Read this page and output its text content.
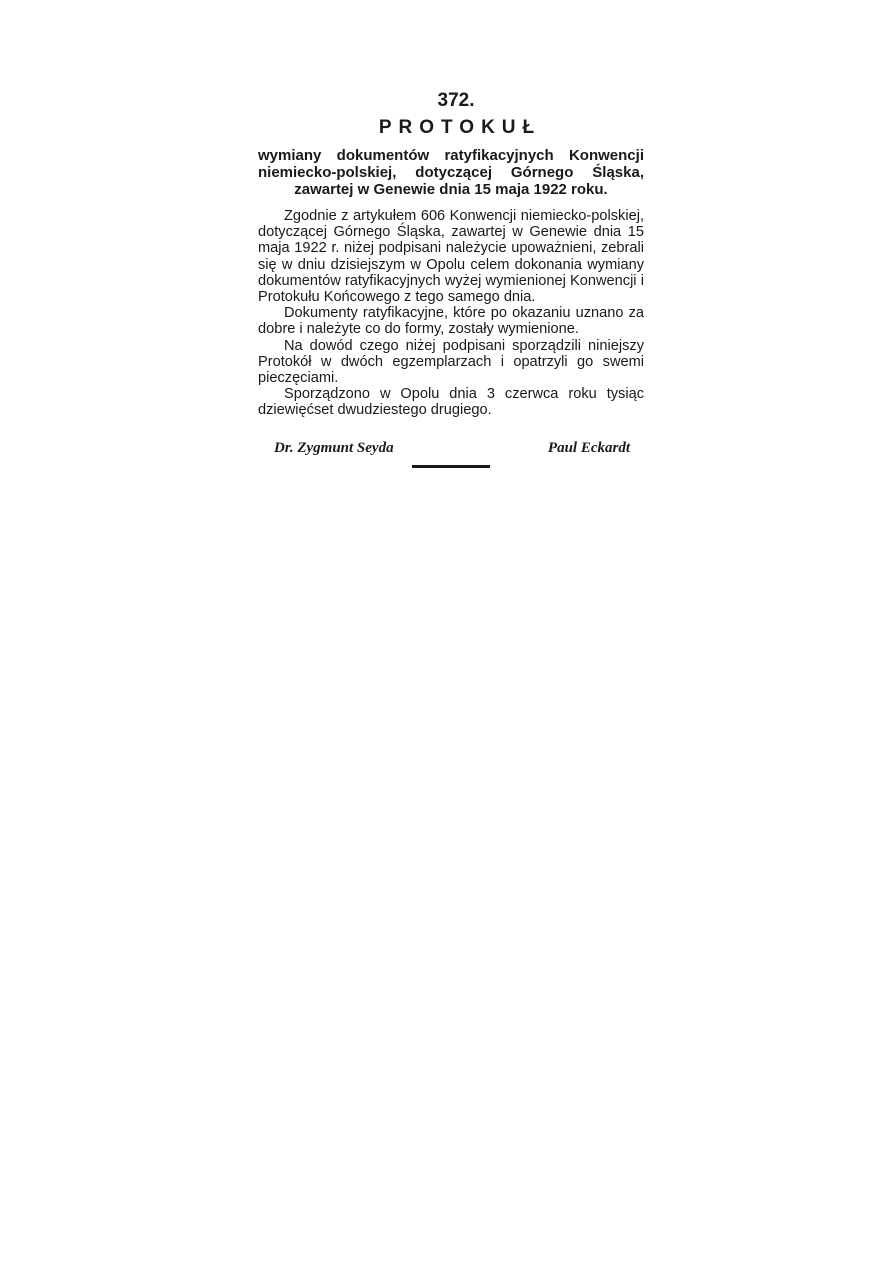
372.
PROTOKUŁ
wymiany dokumentów ratyfikacyjnych Konwencji niemiecko-polskiej, dotyczącej Górnego Śląska, zawartej w Genewie dnia 15 maja 1922 roku.

Zgodnie z artykułem 606 Konwencji niemiecko-polskiej, dotyczącej Górnego Śląska, zawartej w Genewie dnia 15 maja 1922 r. niżej podpisani należycie upoważnieni, zebrali się w dniu dzisiejszym w Opolu celem dokonania wymiany dokumentów ratyfikacyjnych wyżej wymienionej Konwencji i Protokułu Końcowego z tego samego dnia.

Dokumenty ratyfikacyjne, które po okazaniu uznano za dobre i należyte co do formy, zostały wymienione.

Na dowód czego niżej podpisani sporządzili niniejszy Protokół w dwóch egzemplarzach i opatrzyli go swemi pieczęciami.

Sporządzono w Opolu dnia 3 czerwca roku tysiąc dziewięćset dwudziestego drugiego.

Dr. Zygmunt Seyda	Paul Eckardt
